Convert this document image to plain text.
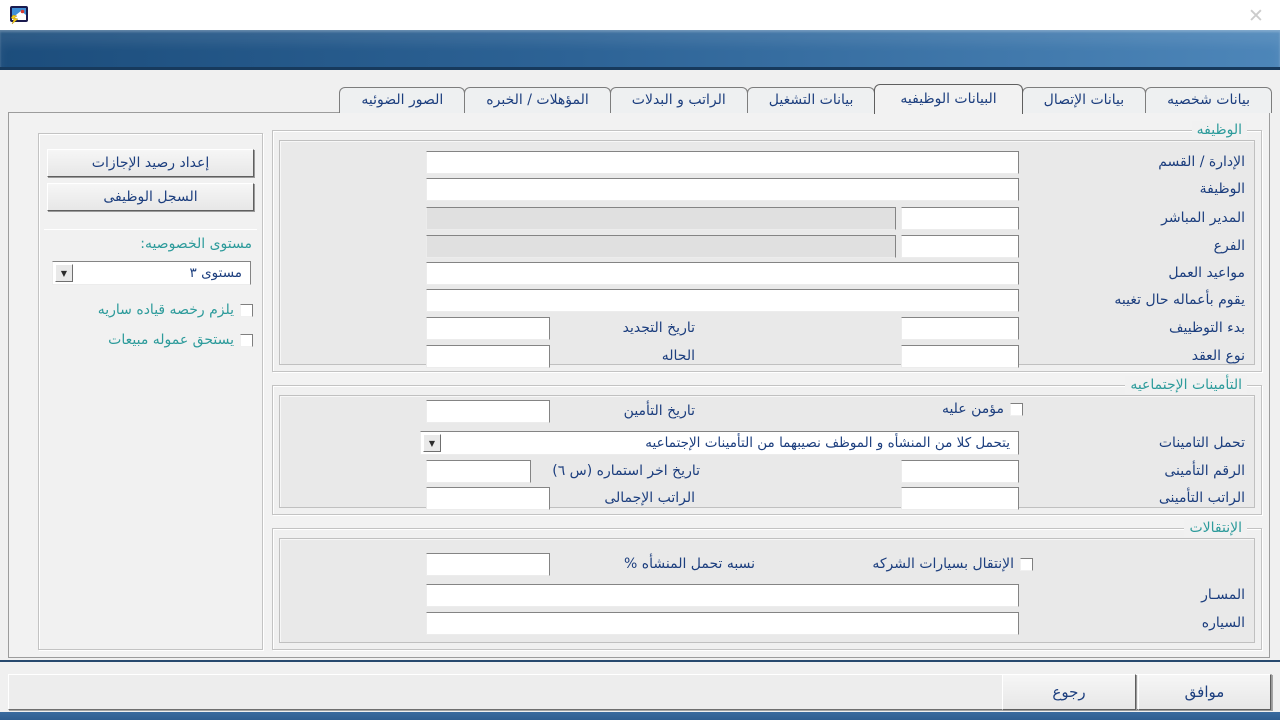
✕
بيانات شخصيه
بيانات الإتصال
البيانات الوظيفيه
بيانات التشغيل
الراتب و البدلات
المؤهلات / الخبره
الصور الضوئيه
إعداد رصيد الإجازات
السجل الوظيفى
مستوى الخصوصيه:
مستوى ٣
▼
يلزم رخصه قياده ساريه
يستحق عموله مبيعات
الوظيفه
الإدارة / القسم
الوظيفة
المدير المباشر
الفرع
مواعيد العمل
يقوم بأعماله حال تغيبه
بدء التوظييف
تاريخ التجديد
نوع العقد
الحاله
التأمينات الإجتماعيه
مؤمن عليه
تاريخ التأمين
تحمل التامينات
يتحمل كلا من المنشأه و الموظف نصيبهما من التأمينات الإجتماعيه
▼
الرقم التأمينى
تاريخ اخر استماره (س ٦)
الراتب التأمينى
الراتب الإجمالى
الإنتقالات
الإنتقال بسيارات الشركه
نسبه تحمل المنشأه %
المسـار
السياره
رجوع	موافق
